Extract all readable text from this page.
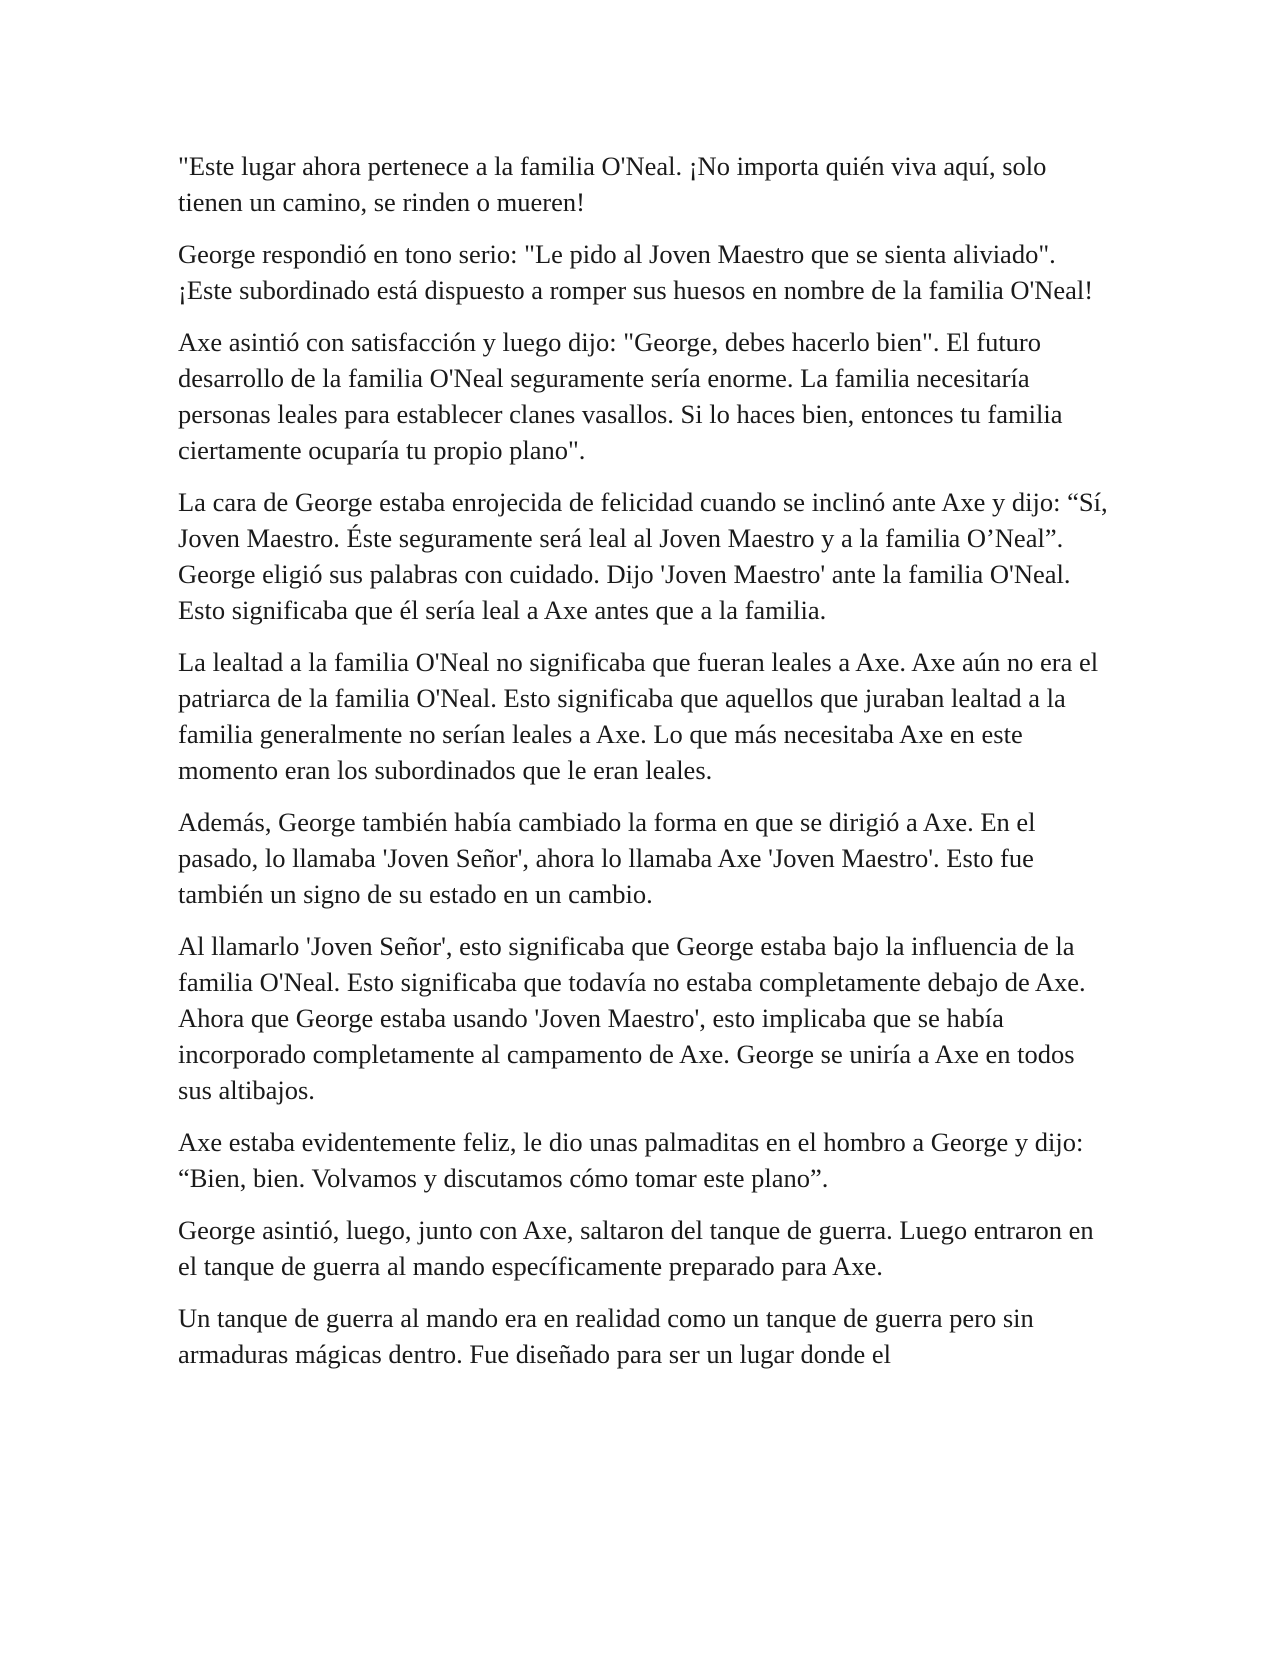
"Este lugar ahora pertenece a la familia O'Neal. ¡No importa quién viva aquí, solo tienen un camino, se rinden o mueren!

George respondió en tono serio: "Le pido al Joven Maestro que se sienta aliviado". ¡Este subordinado está dispuesto a romper sus huesos en nombre de la familia O'Neal!

Axe asintió con satisfacción y luego dijo: "George, debes hacerlo bien". El futuro desarrollo de la familia O'Neal seguramente sería enorme. La familia necesitaría personas leales para establecer clanes vasallos. Si lo haces bien, entonces tu familia ciertamente ocuparía tu propio plano".

La cara de George estaba enrojecida de felicidad cuando se inclinó ante Axe y dijo: “Sí, Joven Maestro. Éste seguramente será leal al Joven Maestro y a la familia O’Neal”. George eligió sus palabras con cuidado. Dijo 'Joven Maestro' ante la familia O'Neal. Esto significaba que él sería leal a Axe antes que a la familia.

La lealtad a la familia O'Neal no significaba que fueran leales a Axe. Axe aún no era el patriarca de la familia O'Neal. Esto significaba que aquellos que juraban lealtad a la familia generalmente no serían leales a Axe. Lo que más necesitaba Axe en este momento eran los subordinados que le eran leales.

Además, George también había cambiado la forma en que se dirigió a Axe. En el pasado, lo llamaba 'Joven Señor', ahora lo llamaba Axe 'Joven Maestro'. Esto fue también un signo de su estado en un cambio.

Al llamarlo 'Joven Señor', esto significaba que George estaba bajo la influencia de la familia O'Neal. Esto significaba que todavía no estaba completamente debajo de Axe. Ahora que George estaba usando 'Joven Maestro', esto implicaba que se había incorporado completamente al campamento de Axe. George se uniría a Axe en todos sus altibajos.

Axe estaba evidentemente feliz, le dio unas palmaditas en el hombro a George y dijo: “Bien, bien. Volvamos y discutamos cómo tomar este plano”.

George asintió, luego, junto con Axe, saltaron del tanque de guerra. Luego entraron en el tanque de guerra al mando específicamente preparado para Axe.

Un tanque de guerra al mando era en realidad como un tanque de guerra pero sin armaduras mágicas dentro. Fue diseñado para ser un lugar donde el
